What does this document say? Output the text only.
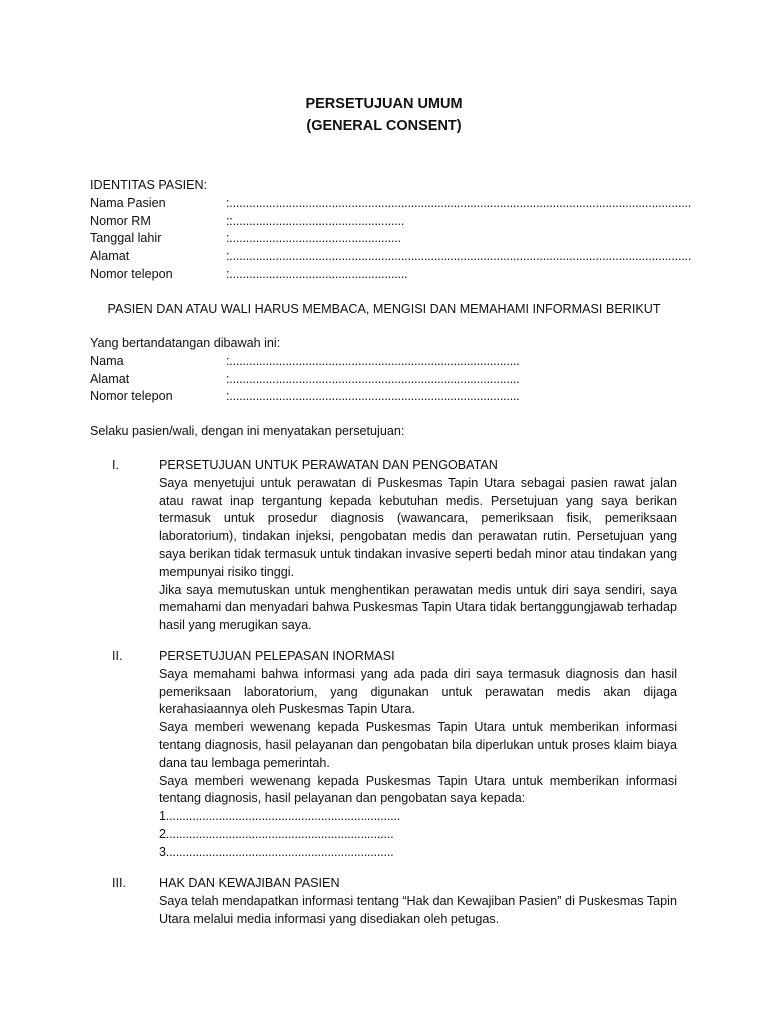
PERSETUJUAN UMUM
(GENERAL CONSENT)
IDENTITAS PASIEN:
Nama Pasien	:............................................................................................................................................
Nomor RM	::....................................................
Tanggal lahir	:....................................................
Alamat	:............................................................................................................................................
Nomor telepon	:......................................................
PASIEN DAN ATAU WALI HARUS MEMBACA, MENGISI DAN MEMAHAMI INFORMASI BERIKUT
Yang bertandatangan dibawah ini:
Nama	:........................................................................................
Alamat	:........................................................................................
Nomor telepon	:........................................................................................
Selaku pasien/wali, dengan ini menyatakan persetujuan:
I.	PERSETUJUAN UNTUK PERAWATAN DAN PENGOBATAN

Saya menyetujui untuk perawatan di Puskesmas Tapin Utara sebagai pasien rawat jalan atau rawat inap tergantung kepada kebutuhan medis. Persetujuan yang saya berikan termasuk untuk prosedur diagnosis (wawancara, pemeriksaan fisik, pemeriksaan laboratorium), tindakan injeksi, pengobatan medis dan perawatan rutin. Persetujuan yang saya berikan tidak termasuk untuk tindakan invasive seperti bedah minor atau tindakan yang mempunyai risiko tinggi.

Jika saya memutuskan untuk menghentikan perawatan medis untuk diri saya sendiri, saya memahami dan menyadari bahwa Puskesmas Tapin Utara tidak bertanggungjawab terhadap hasil yang merugikan saya.

II.	PERSETUJUAN PELEPASAN INORMASI

Saya memahami bahwa informasi yang ada pada diri saya termasuk diagnosis dan hasil pemeriksaan laboratorium, yang digunakan untuk perawatan medis akan dijaga kerahasiaannya oleh Puskesmas Tapin Utara.

Saya memberi wewenang kepada Puskesmas Tapin Utara untuk memberikan informasi tentang diagnosis, hasil pelayanan dan pengobatan bila diperlukan untuk proses klaim biaya dana tau lembaga pemerintah.

Saya memberi wewenang kepada Puskesmas Tapin Utara untuk memberikan informasi tentang diagnosis, hasil pelayanan dan pengobatan saya kepada:

1.......................................................................
2.....................................................................
3.....................................................................
III.	HAK DAN KEWAJIBAN PASIEN

Saya telah mendapatkan informasi tentang “Hak dan Kewajiban Pasien” di Puskesmas Tapin Utara melalui media informasi yang disediakan oleh petugas.
